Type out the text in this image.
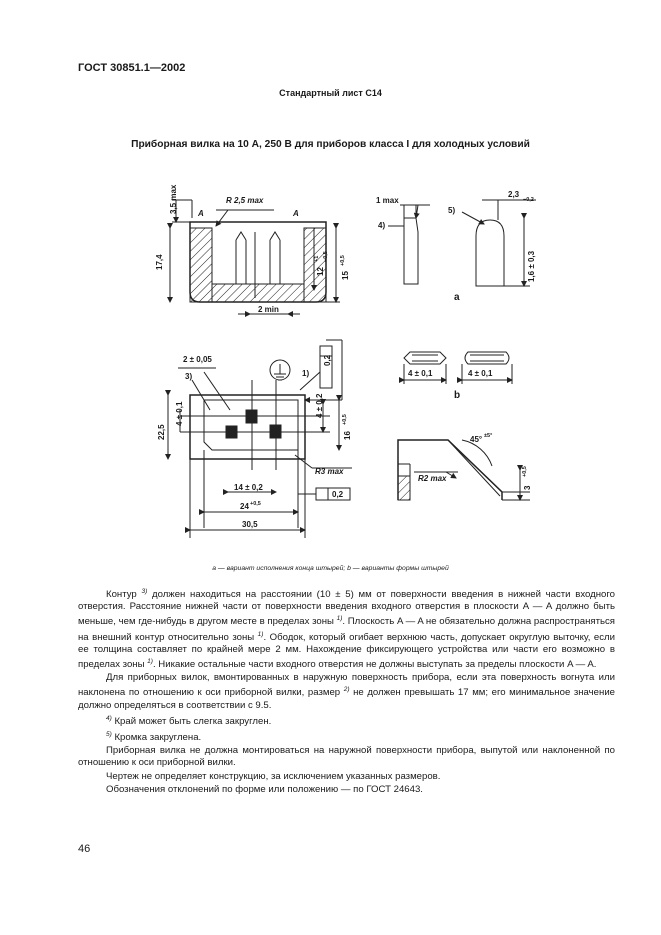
ГОСТ 30851.1—2002
Стандартный лист С14
Приборная вилка на 10 А, 250 В для приборов класса I для холодных условий
3,5 max	R 2,5 max
A	A
17,4
12
+1 −0,5
15
+0,5
2 min
1 max
4)
5)
2,3
−0,2
1,6 ± 0,3
a
2 ± 0,05
3)	1)
0,2
22,5
4 ± 0,1	4 ± 0,2
16
+0,5
R3 max
14 ± 0,2
24 +0,5
0,2
30,5
4 ± 0,1	4 ± 0,1
b
45° ±5°
R2 max
3
+0,5
a — вариант исполнения конца штырей; b — варианты формы штырей

Контур $^{3)}$ должен находиться на расстоянии (10 ± 5) мм от поверхности введения в нижней части входного отверстия. Расстояние нижней части от поверхности введения входного отверстия в плоскости A — A должно быть меньше, чем где-нибудь в другом месте в пределах зоны $^{1)}$. Плоскость A — A не обязательно должна распространяться на внешний контур относительно зоны $^{1)}$. Ободок, который огибает верхнюю часть, допускает округлую выточку, если ее толщина составляет по крайней мере 2 мм. Нахождение фиксирующего устройства или части его возможно в пределах зоны $^{1)}$. Никакие остальные части входного отверстия не должны выступать за пределы плоскости A — A.

Для приборных вилок, вмонтированных в наружную поверхность прибора, если эта поверхность вогнута или наклонена по отношению к оси приборной вилки, размер $^{2)}$ не должен превышать 17 мм; его минимальное значение должно определяться в соответствии с 9.5.

$^{4)}$ Край может быть слегка закруглен.

$^{5)}$ Кромка закруглена.

Приборная вилка не должна монтироваться на наружной поверхности прибора, выпутой или наклоненной по отношению к оси приборной вилки.

Чертеж не определяет конструкцию, за исключением указанных размеров.

Обозначения отклонений по форме или положению — по ГОСТ 24643.

46
